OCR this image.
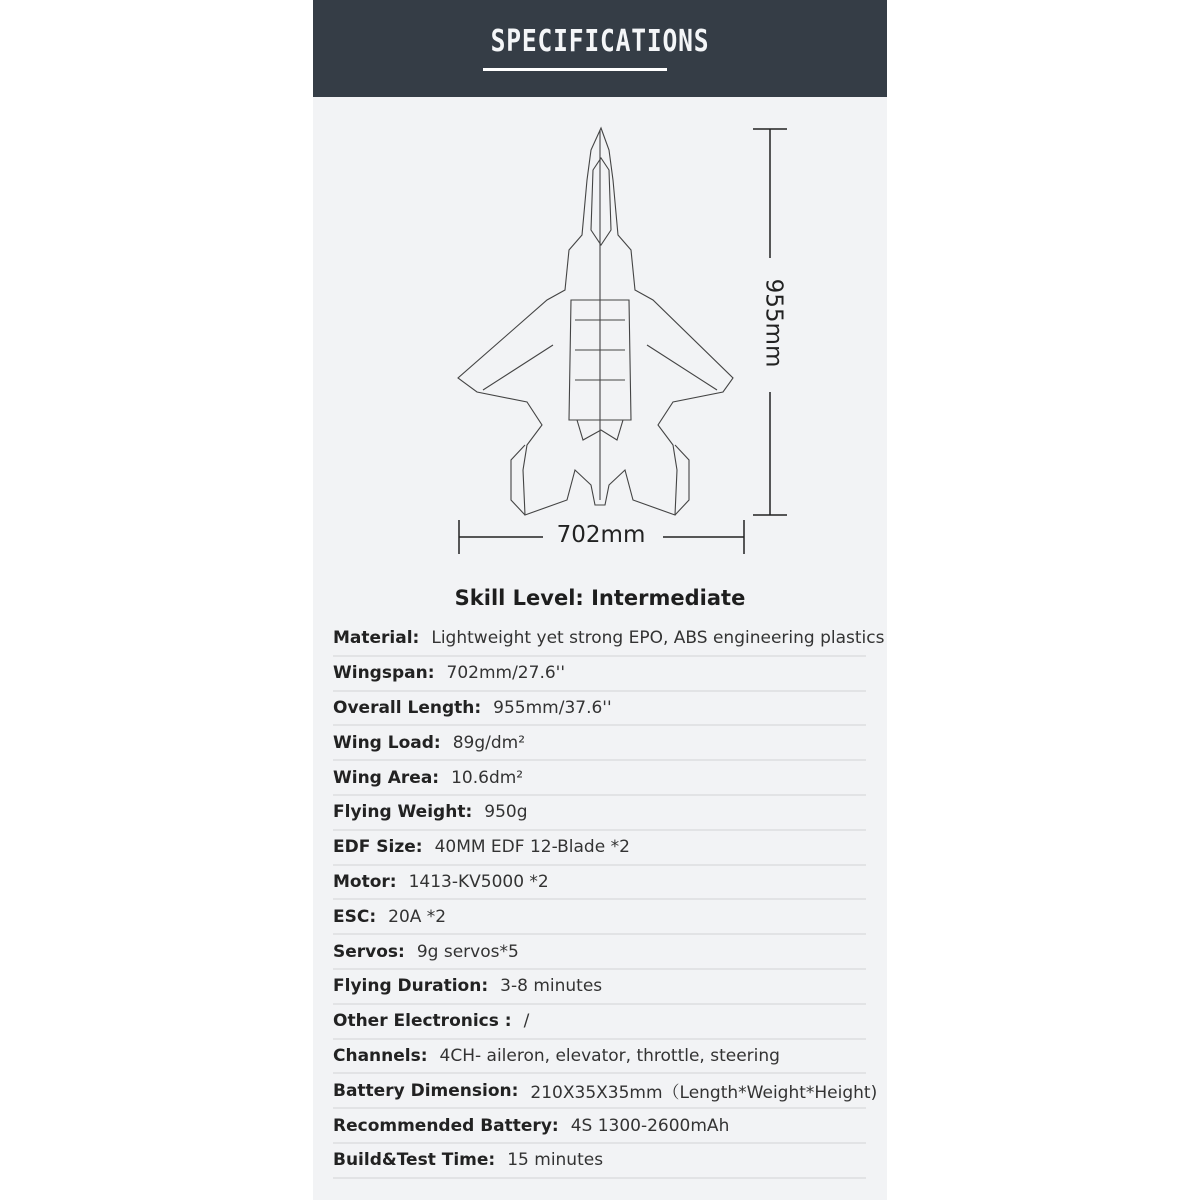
SPECIFICATIONS
702mm
955mm
Skill Level: Intermediate
Material: Lightweight yet strong EPO, ABS engineering plastics
Wingspan: 702mm/27.6''
Overall Length: 955mm/37.6''
Wing Load: 89g/dm²
Wing Area: 10.6dm²
Flying Weight: 950g
EDF Size: 40MM EDF 12-Blade *2
Motor: 1413-KV5000 *2
ESC: 20A *2
Servos: 9g servos*5
Flying Duration: 3-8 minutes
Other Electronics : /
Channels: 4CH- aileron, elevator, throttle, steering
Battery Dimension: 210X35X35mm（Length*Weight*Height)
Recommended Battery: 4S 1300-2600mAh
Build&Test Time: 15 minutes
